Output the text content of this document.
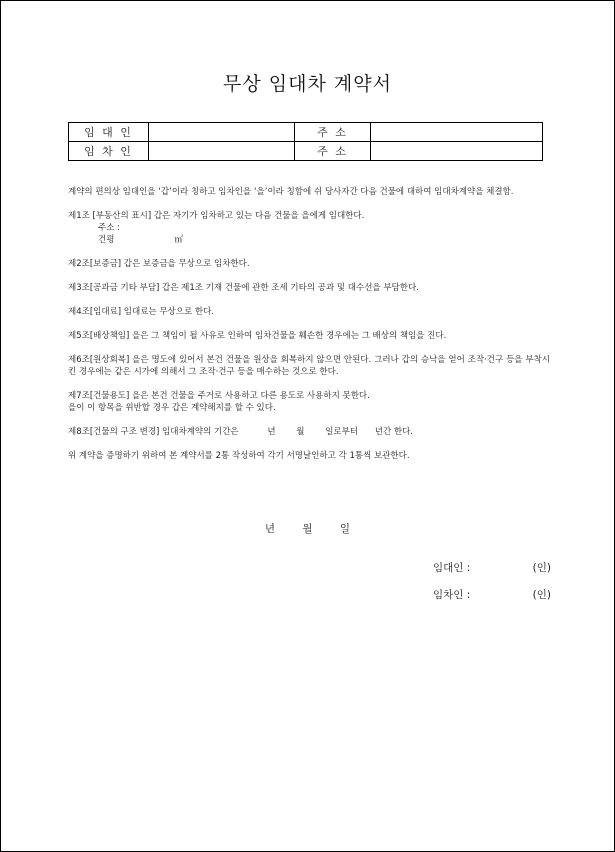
무상 임대차 계약서
임 대 인		주 소	
임 차 인		주 소	

계약의 편의상 임대인을 ‘갑’이라 칭하고 임차인을 ‘을’이라 칭함에 쉬 당사자간 다음 건물에 대하여 임대차계약을 체결함.

제1조 [부동산의 표시] 갑은 자기가 임차하고 있는 다음 건물을 을에게 임대한다.
주소 :
건평	㎡

제2조[보증금] 갑은 보증금을 무상으로 임차한다.

제3조[공과금 기타 부담] 갑은 제1조 기재 건물에 관한 조세 기타의 공과 및 대수선을 부담한다.

제4조[임대료] 임대료는 무상으로 한다.

제5조[배상책임] 을은 그 책임이 될 사유로 인하여 임차건물을 훼손한 경우에는 그 배상의 책임을 진다.

제6조[원상회복] 을은 명도에 있어서 본건 건물을 원상을 회복하지 않으면 안된다. 그러나 갑의 승낙을 얻어 조작·건구 등을 부착시킨 경우에는 같은 시가에 의해서 그 조작·건구 등을 매수하는 것으로 한다.

제7조[건물용도] 을은 본건 건물을 주거로 사용하고 다른 용도로 사용하지 못한다.
을이 이 항목을 위반할 경우 갑은 계약해지를 할 수 있다.

제8조[건물의 구조 변경] 임대차계약의 기간은	년 월 일로부터 년간 한다.

위 계약을 증명하기 위하여 본 계약서를 2통 작성하여 각기 서명날인하고 각 1통씩 보관한다.

년	월	일
임대인 :	(인)
임차인 :	(인)
